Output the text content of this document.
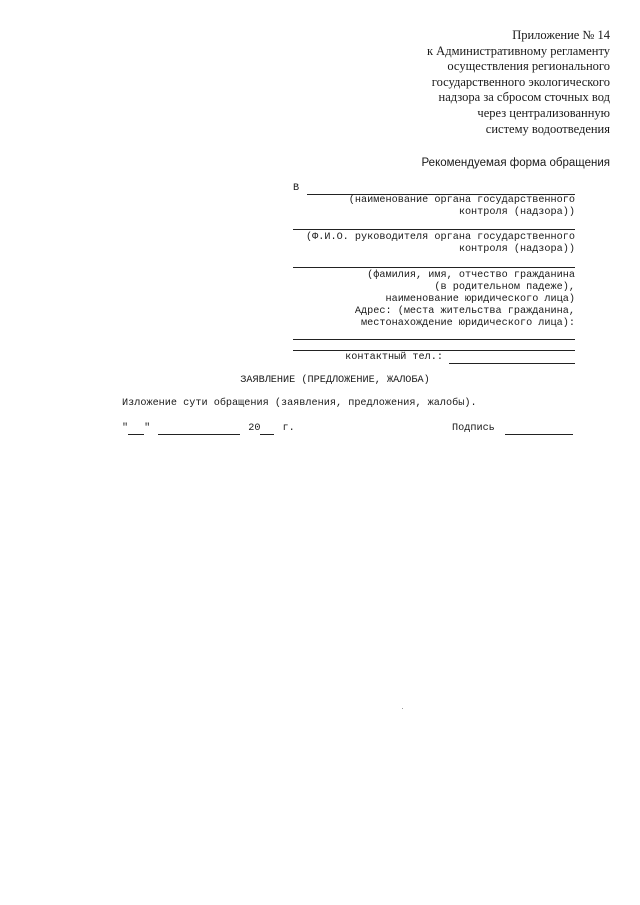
Приложение № 14
к Административному регламенту
осуществления регионального
государственного экологического
надзора за сбросом сточных вод
через централизованную
систему водоотведения
Рекомендуемая форма обращения
В
(наименование органа государственного
контроля (надзора))
(Ф.И.О. руководителя органа государственного
контроля (надзора))
(фамилия, имя, отчество гражданина
(в родительном падеже),
наименование юридического лица)
Адрес: (места жительства гражданина,
местонахождение юридического лица):
контактный тел.:
ЗАЯВЛЕНИЕ (ПРЕДЛОЖЕНИЕ, ЖАЛОБА)
Изложение сути обращения (заявления, предложения, жалобы).
" "	20 г.	Подпись
